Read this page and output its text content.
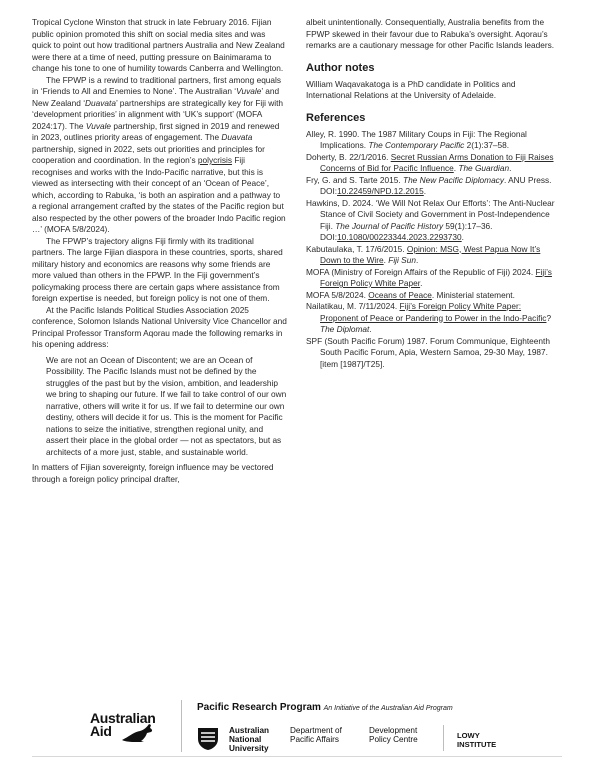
Tropical Cyclone Winston that struck in late February 2016. Fijian public opinion promoted this shift on social media sites and was quick to point out how traditional partners Australia and New Zealand were there at a time of need, putting pressure on Bainimarama to change his tone to one of humility towards Canberra and Wellington.

The FPWP is a rewind to traditional partners, first among equals in ‘Friends to All and Enemies to None’. The Australian ‘Vuvale’ and New Zealand ‘Duavata’ partnerships are strategically key for Fiji with ‘development priorities’ in alignment with ‘UK’s support’ (MOFA 2024:17). The Vuvale partnership, first signed in 2019 and renewed in 2023, outlines priority areas of engagement. The Duavata partnership, signed in 2022, sets out priorities and principles for cooperation and coordination. In the region’s polycrisis Fiji recognises and works with the Indo-Pacific narrative, but this is viewed as intersecting with their concept of an ‘Ocean of Peace’, which, according to Rabuka, ‘is both an aspiration and a pathway to a regional arrangement crafted by the states of the Pacific region but also respected by the other powers of the broader Indo Pacific region …’ (MOFA 5/8/2024).

The FPWP’s trajectory aligns Fiji firmly with its traditional partners. The large Fijian diaspora in these countries, sports, shared military history and economics are reasons why some friends are more valued than others in the FPWP. In the Fiji government’s policymaking process there are certain gaps where assistance from foreign expertise is needed, but foreign policy is not one of them.

At the Pacific Islands Political Studies Association 2025 conference, Solomon Islands National University Vice Chancellor and Principal Professor Transform Aqorau made the following remarks in his opening address:

We are not an Ocean of Discontent; we are an Ocean of Possibility. The Pacific Islands must not be defined by the struggles of the past but by the vision, ambition, and leadership we bring to shaping our future. If we fail to take control of our own narrative, others will write it for us. If we fail to determine our own destiny, others will decide it for us. This is the moment for Pacific nations to seize the initiative, strengthen regional unity, and assert their place in the global order — not as spectators, but as architects of a more just, stable, and sustainable world.

In matters of Fijian sovereignty, foreign influence may be vectored through a foreign policy principal drafter,

albeit unintentionally. Consequentially, Australia benefits from the FPWP skewed in their favour due to Rabuka’s oversight. Aqorau’s remarks are a cautionary message for other Pacific Islands leaders.

Author notes

William Waqavakatoga is a PhD candidate in Politics and International Relations at the University of Adelaide.

References

Alley, R. 1990. The 1987 Military Coups in Fiji: The Regional Implications. The Contemporary Pacific 2(1):37–58.

Doherty, B. 22/1/2016. Secret Russian Arms Donation to Fiji Raises Concerns of Bid for Pacific Influence. The Guardian.

Fry, G. and S. Tarte 2015. The New Pacific Diplomacy. ANU Press. DOI:10.22459/NPD.12.2015.

Hawkins, D. 2024. ‘We Will Not Relax Our Efforts’: The Anti-Nuclear Stance of Civil Society and Government in Post-Independence Fiji. The Journal of Pacific History 59(1):17–36. DOI:10.1080/00223344.2023.2293730.

Kabutaulaka, T. 17/6/2015. Opinion: MSG, West Papua Now It’s Down to the Wire. Fiji Sun.

MOFA (Ministry of Foreign Affairs of the Republic of Fiji) 2024. Fiji’s Foreign Policy White Paper.

MOFA 5/8/2024. Oceans of Peace. Ministerial statement.

Nailatikau, M. 7/11/2024. Fiji’s Foreign Policy White Paper: Proponent of Peace or Pandering to Power in the Indo-Pacific? The Diplomat.

SPF (South Pacific Forum) 1987. Forum Communique, Eighteenth South Pacific Forum, Apia, Western Samoa, 29-30 May, 1987. [item [1987]/T25].

Australian
Aid
Pacific Research Program An Initiative of the Australian Aid Program
Australian
National
University
Department of
Pacific Affairs
Development
Policy Centre	LOWY
INSTITUTE
